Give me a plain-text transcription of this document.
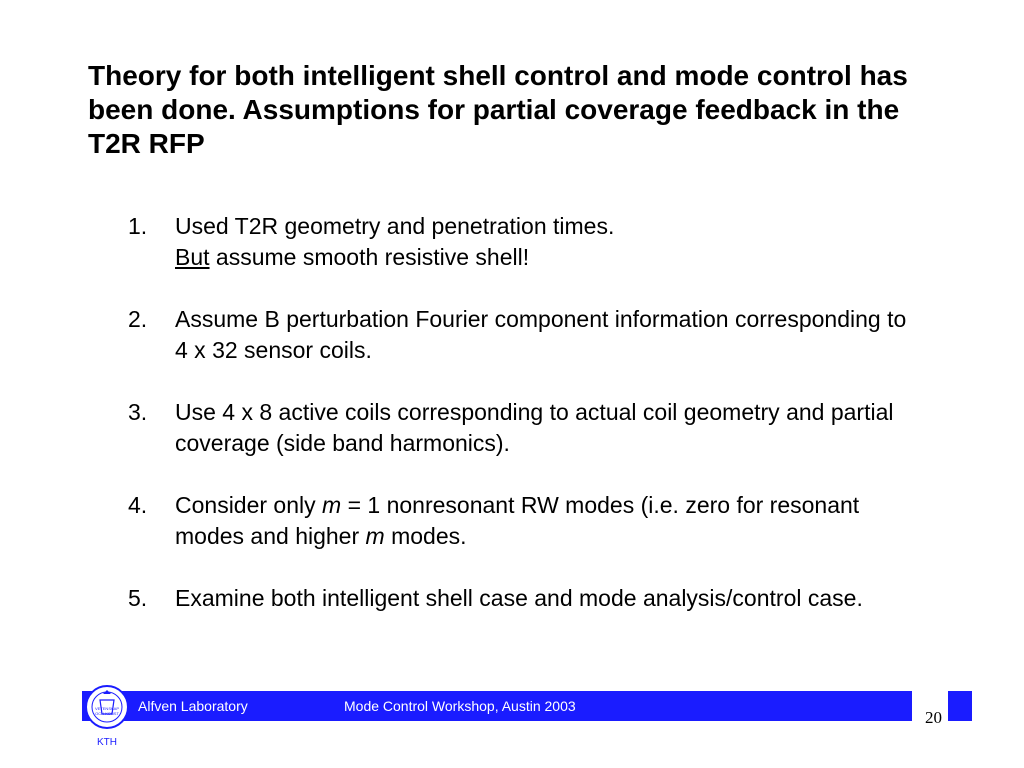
Theory for both intelligent shell control and mode control has been done. Assumptions for partial coverage feedback in the T2R RFP
1.	Used T2R geometry and penetration times.
But assume smooth resistive shell!
2.	Assume B perturbation Fourier component information corresponding to 4 x 32 sensor coils.
3.	Use 4 x 8 active coils corresponding to actual coil geometry and partial coverage (side band harmonics).
4.	Consider only m = 1 nonresonant RW modes (i.e. zero for resonant modes and higher m modes.
5.	Examine both intelligent shell case and mode analysis/control case.
Alfven Laboratory	Mode Control Workshop, Austin 2003
20
VETENSKAP
OCH KONST
KTH
